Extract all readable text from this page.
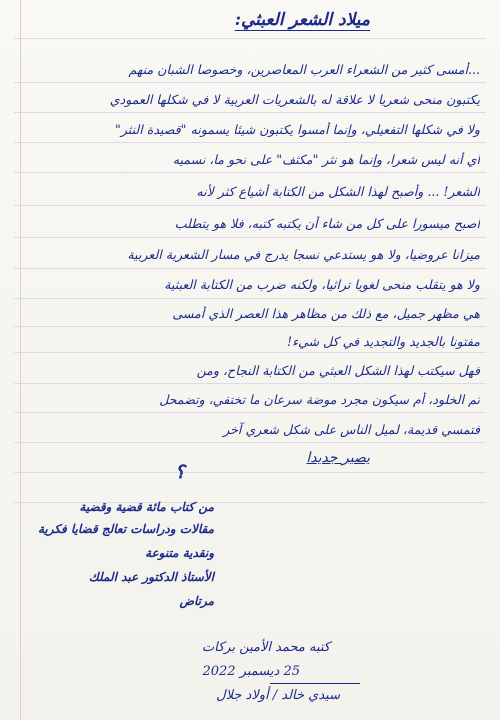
ميلاد الشعر العبثي:
...أمسى كثير من الشعراء العرب المعاصرين، وخصوصا الشبان منهم
يكتبون منحى شعريا لا علاقة له بالشعريات العربية لا في شكلها العمودي
ولا في شكلها التفعيلي، وإنما أمسوا يكتبون شيئا يسمونه "قصيدة النثر"
أي أنه ليس شعرا، وإنما هو نثر "مكثف" على نحو ما، نسميه
الشعر! ... وأصبح لهذا الشكل من الكتابة أشياع كثر لأنه
أصبح ميسورا على كل من شاء أن يكتبه كتبه، فلا هو يتطلب
ميزانا عروضيا، ولا هو يستدعي نسجا يدرج في مسار الشعرية العربية
ولا هو يتقلب منحى لغويا تراثيا، ولكنه ضرب من الكتابة العبثية
هي مظهر جميل، مع ذلك من مظاهر هذا العصر الذي أمسى
مفتونا بالجديد والتجديد في كل شيء!
فهل سيكتب لهذا الشكل العبثي من الكتابة النجاح، ومن
ثم الخلود، أم سيكون مجرد موضة سرعان ما تختفي، وتضمحل
فتمسي قديمة، لميل الناس على شكل شعري آخر
يصير جديدا
؟
من كتاب مائة قضية وقضية
مقالات ودراسات تعالج قضايا فكرية
ونقدية متنوعة
الأستاذ الدكتور عبد الملك
مرتاض
كتبه محمد الأمين بركات
25 ديسمبر 2022
سيدي خالد / أولاد جلال
